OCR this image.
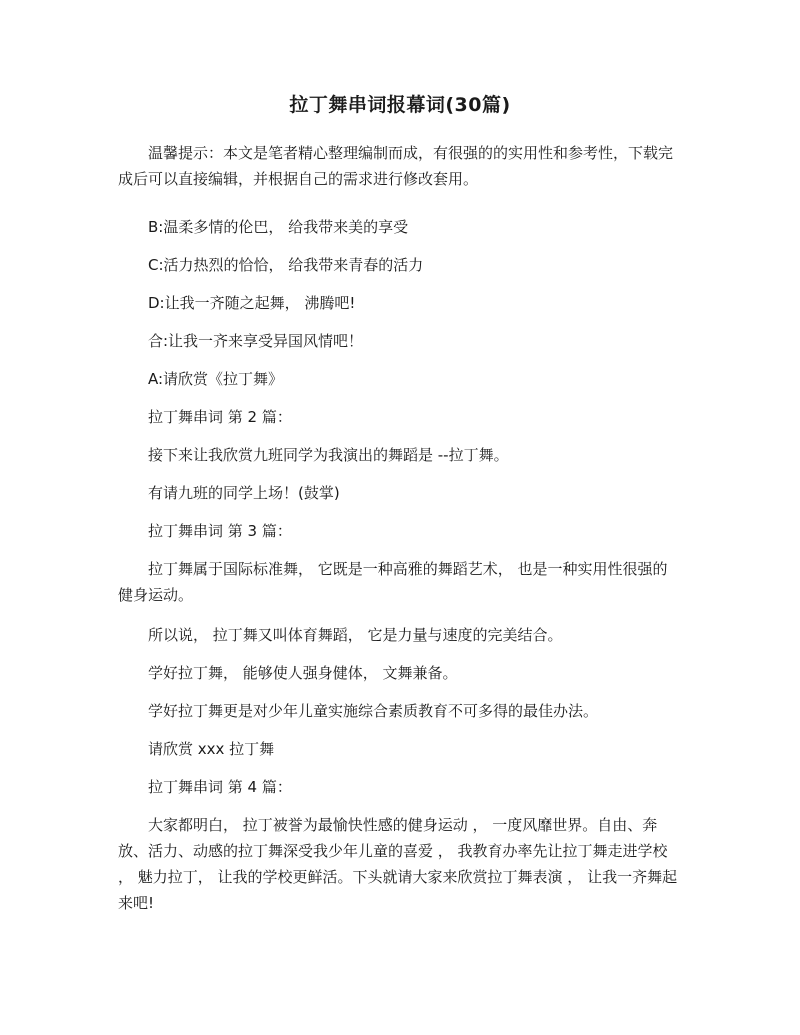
拉丁舞串词报幕词(30篇)

温馨提示：本文是笔者精心整理编制而成，有很强的的实用性和参考性，下载完成后可以直接编辑，并根据自己的需求进行修改套用。

B:温柔多情的伦巴， 给我带来美的享受

C:活力热烈的恰恰， 给我带来青春的活力

D:让我一齐随之起舞， 沸腾吧!

合:让我一齐来享受异国风情吧！

A:请欣赏《拉丁舞》

拉丁舞串词 第 2 篇：

接下来让我欣赏九班同学为我演出的舞蹈是 --拉丁舞。

有请九班的同学上场！(鼓掌)

拉丁舞串词 第 3 篇：

拉丁舞属于国际标准舞， 它既是一种高雅的舞蹈艺术， 也是一种实用性很强的健身运动。

所以说， 拉丁舞又叫体育舞蹈， 它是力量与速度的完美结合。

学好拉丁舞， 能够使人强身健体， 文舞兼备。

学好拉丁舞更是对少年儿童实施综合素质教育不可多得的最佳办法。

请欣赏 xxx 拉丁舞

拉丁舞串词 第 4 篇：

大家都明白， 拉丁被誉为最愉快性感的健身运动 ， 一度风靡世界。自由、奔放、活力、动感的拉丁舞深受我少年儿童的喜爱 ， 我教育办率先让拉丁舞走进学校 ， 魅力拉丁， 让我的学校更鲜活。下头就请大家来欣赏拉丁舞表演 ， 让我一齐舞起来吧!
